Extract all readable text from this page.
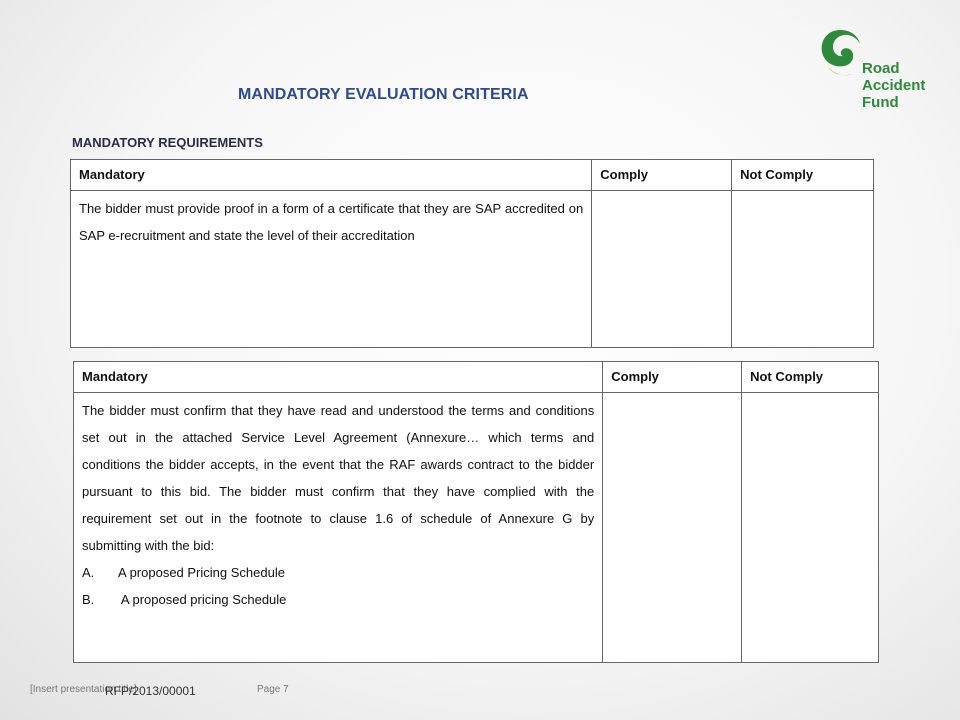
Road
Accident
Fund
MANDATORY EVALUATION CRITERIA
MANDATORY REQUIREMENTS
Mandatory	Comply	Not Comply
The bidder must provide proof in a form of a certificate that they are SAP accredited on SAP e-recruitment and state the level of their accreditation		
Mandatory	Comply	Not Comply
The bidder must confirm that they have read and understood the terms and conditions set out in the attached Service Level Agreement (Annexure… which terms and conditions the bidder accepts, in the event that the RAF awards contract to the bidder pursuant to this bid. The bidder must confirm that they have complied with the requirement set out in the footnote to clause 1.6 of schedule of Annexure G by submitting with the bid:
A. A proposed Pricing Schedule
B. A proposed pricing Schedule		

[Insert presentation title]
RFP/2013/00001	Page 7
